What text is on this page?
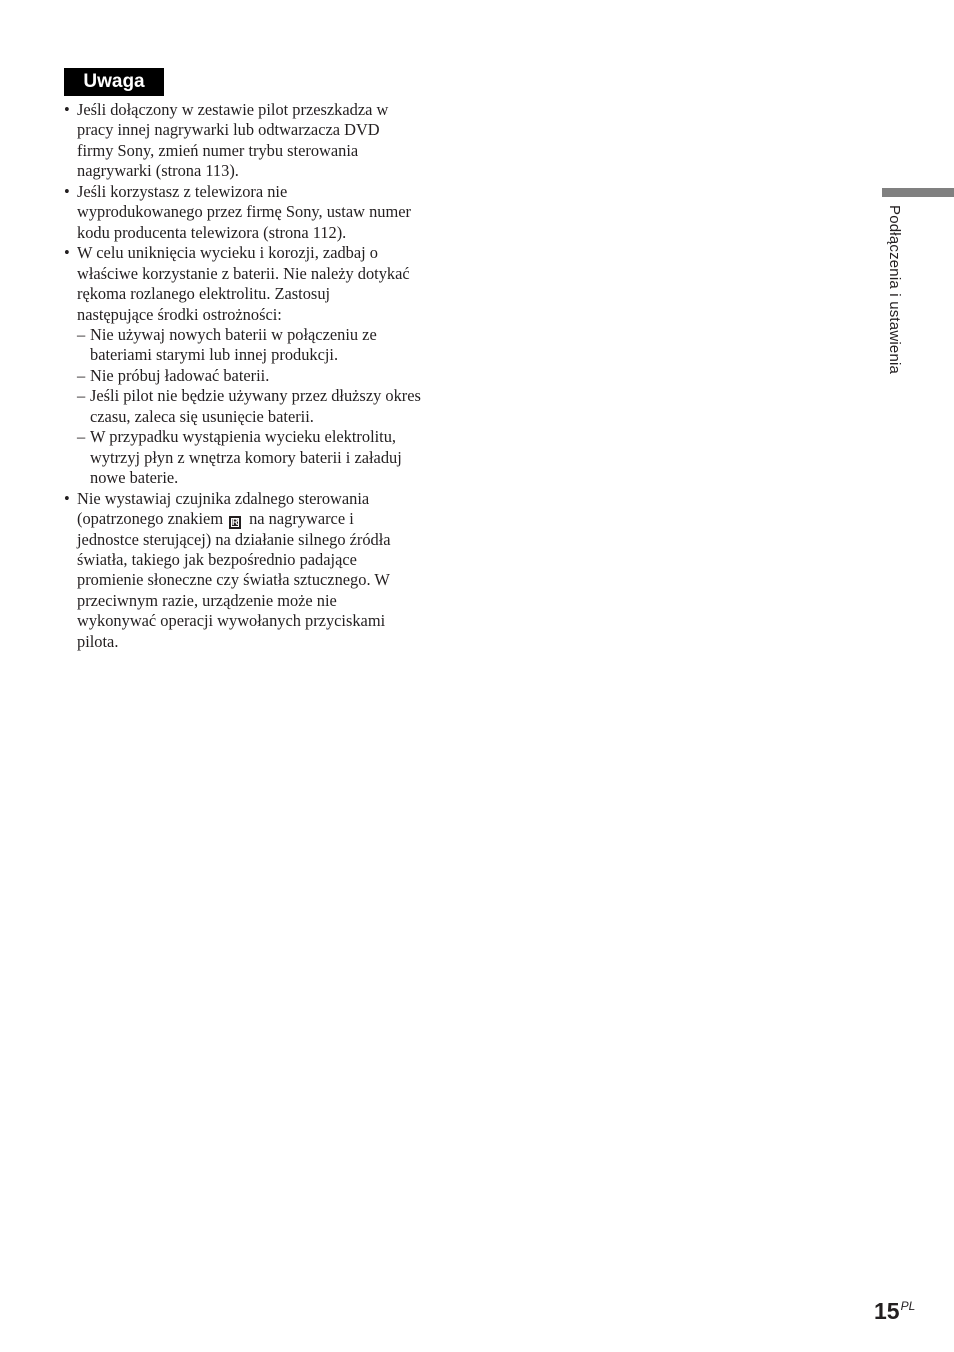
Uwaga
• Jeśli dołączony w zestawie pilot przeszkadza w
pracy innej nagrywarki lub odtwarzacza DVD
firmy Sony, zmień numer trybu sterowania
nagrywarki (strona 113).
• Jeśli korzystasz z telewizora nie
wyprodukowanego przez firmę Sony, ustaw numer
kodu producenta telewizora (strona 112).
• W celu uniknięcia wycieku i korozji, zadbaj o
właściwe korzystanie z baterii. Nie należy dotykać
rękoma rozlanego elektrolitu. Zastosuj
następujące środki ostrożności:
– Nie używaj nowych baterii w połączeniu ze
bateriami starymi lub innej produkcji.
– Nie próbuj ładować baterii.
– Jeśli pilot nie będzie używany przez dłuższy okres
czasu, zaleca się usunięcie baterii.
– W przypadku wystąpienia wycieku elektrolitu,
wytrzyj płyn z wnętrza komory baterii i załaduj
nowe baterie.
• Nie wystawiaj czujnika zdalnego sterowania
(opatrzonego znakiem R na nagrywarce i
jednostce sterującej) na działanie silnego źródła
światła, takiego jak bezpośrednio padające
promienie słoneczne czy światła sztucznego. W
przeciwnym razie, urządzenie może nie
wykonywać operacji wywołanych przyciskami
pilota.
Podłączenia i ustawienia
$15^{PL}$
